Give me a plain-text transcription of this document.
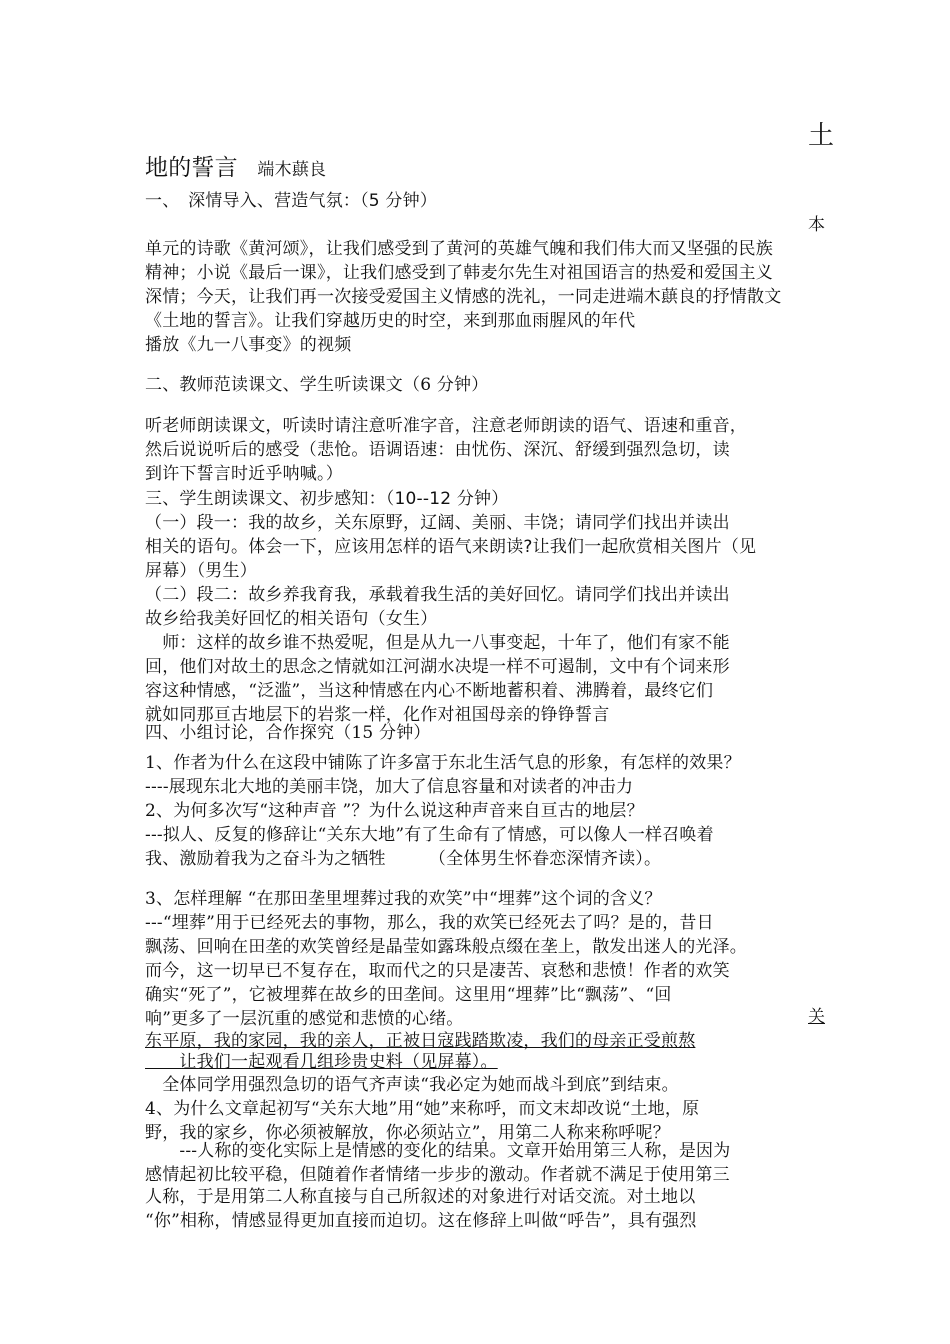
土
本
关
地的誓言 端木蕻良
一、　深情导入、营造气氛：（5 分钟）
单元的诗歌《黄河颂》，让我们感受到了黄河的英雄气魄和我们伟大而又坚强的民族
精神；小说《最后一课》，让我们感受到了韩麦尔先生对祖国语言的热爱和爱国主义
深情；今天，让我们再一次接受爱国主义情感的洗礼，一同走进端木蕻良的抒情散文
《土地的誓言》。让我们穿越历史的时空，来到那血雨腥风的年代
播放《九一八事变》的视频
二、教师范读课文、学生听读课文（6 分钟）
听老师朗读课文，听读时请注意听准字音，注意老师朗读的语气、语速和重音，
然后说说听后的感受（悲怆。语调语速：由忧伤、深沉、舒缓到强烈急切，读
到许下誓言时近乎呐喊。）
三、学生朗读课文、初步感知：（10--12 分钟）
（一）段一：我的故乡，关东原野，辽阔、美丽、丰饶；请同学们找出并读出
相关的语句。体会一下，应该用怎样的语气来朗读?让我们一起欣赏相关图片（见
屏幕）（男生）
（二）段二：故乡养我育我，承载着我生活的美好回忆。请同学们找出并读出
故乡给我美好回忆的相关语句（女生）
　师：这样的故乡谁不热爱呢，但是从九一八事变起，十年了，他们有家不能
回，他们对故土的思念之情就如江河湖水决堤一样不可遏制，文中有个词来形
容这种情感，“泛滥”，当这种情感在内心不断地蓄积着、沸腾着，最终它们
就如同那亘古地层下的岩浆一样，化作对祖国母亲的铮铮誓言
四、小组讨论，合作探究（15 分钟）
1、作者为什么在这段中铺陈了许多富于东北生活气息的形象，有怎样的效果？
----展现东北大地的美丽丰饶，加大了信息容量和对读者的冲击力
2、为何多次写“这种声音 ”？为什么说这种声音来自亘古的地层？
---拟人、反复的修辞让“关东大地”有了生命有了情感，可以像人一样召唤着
我、激励着我为之奋斗为之牺牲　　　（全体男生怀眷恋深情齐读）。
3、怎样理解 “在那田垄里埋葬过我的欢笑”中“埋葬”这个词的含义？
---“埋葬”用于已经死去的事物，那么，我的欢笑已经死去了吗？是的，昔日
飘荡、回响在田垄的欢笑曾经是晶莹如露珠般点缀在垄上，散发出迷人的光泽。
而今，这一切早已不复存在，取而代之的只是凄苦、哀愁和悲愤！作者的欢笑
确实“死了”，它被埋葬在故乡的田垄间。这里用“埋葬”比“飘荡”、“回
响”更多了一层沉重的感觉和悲愤的心绪。
东平原，我的家园，我的亲人，正被日寇践踏欺凌，我们的母亲正受煎熬
　　让我们一起观看几组珍贵史料（见屏幕）。
　全体同学用强烈急切的语气齐声读“我必定为她而战斗到底”到结束。
4、为什么文章起初写“关东大地”用“她”来称呼，而文末却改说“土地，原
野，我的家乡，你必须被解放，你必须站立”，用第二人称来称呼呢？
　　---人称的变化实际上是情感的变化的结果。文章开始用第三人称，是因为
感情起初比较平稳，但随着作者情绪一步步的激动。作者就不满足于使用第三
人称，于是用第二人称直接与自己所叙述的对象进行对话交流。对土地以
“你”相称，情感显得更加直接而迫切。这在修辞上叫做“呼告”，具有强烈
